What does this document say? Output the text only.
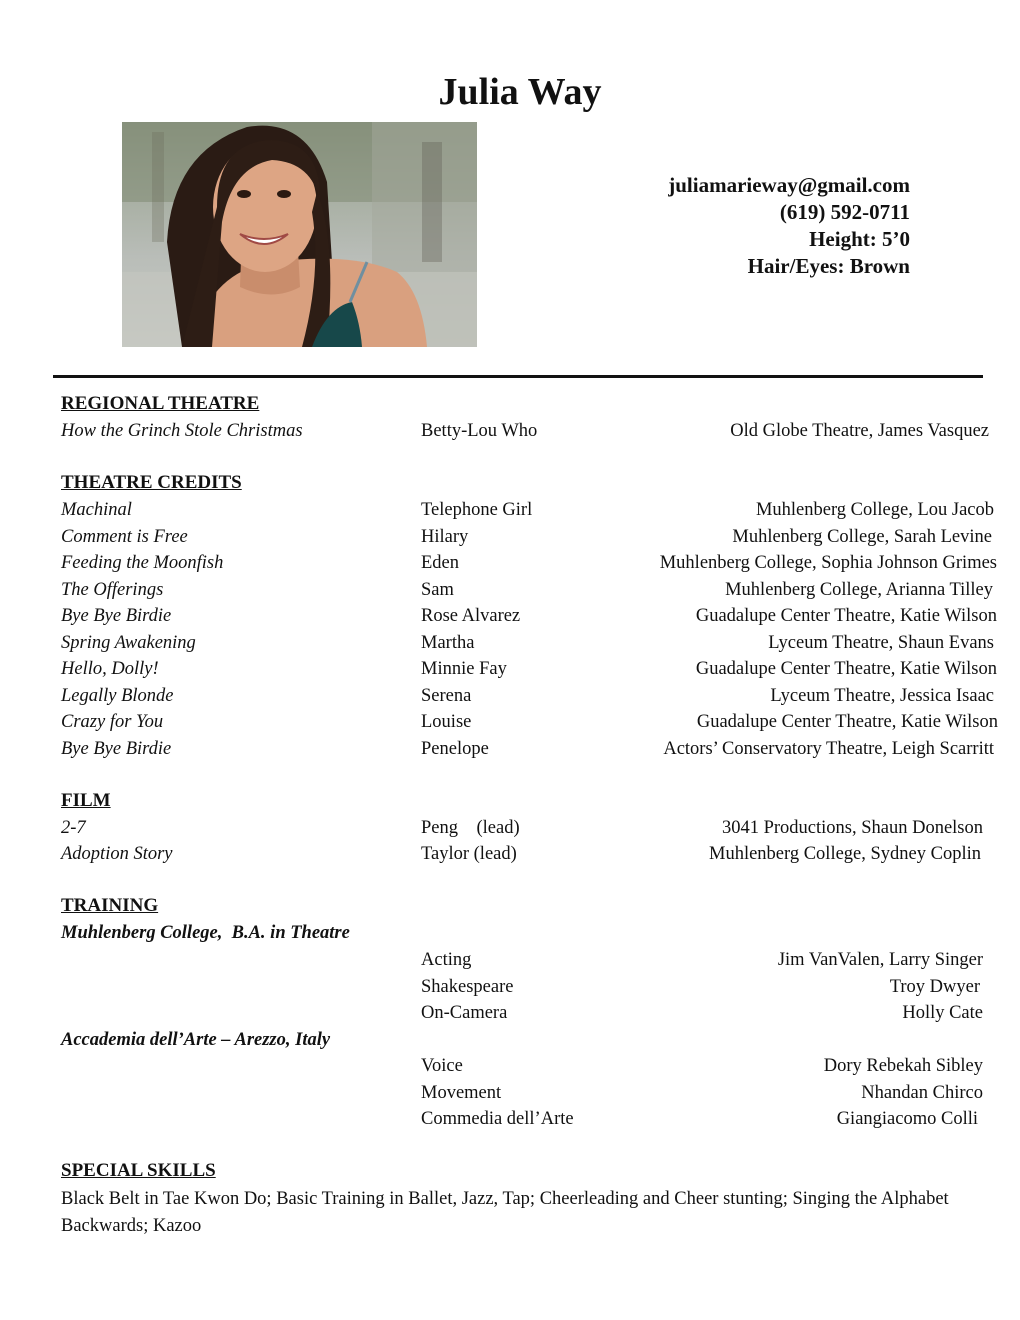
Julia Way
juliamarieway@gmail.com
(619) 592-0711
Height: 5’0
Hair/Eyes: Brown
REGIONAL THEATRE
How the Grinch Stole Christmas	Betty-Lou Who	Old Globe Theatre, James Vasquez
THEATRE CREDITS
Machinal	Telephone Girl	Muhlenberg College, Lou Jacob
Comment is Free	Hilary	Muhlenberg College, Sarah Levine
Feeding the Moonfish	Eden	Muhlenberg College, Sophia Johnson Grimes
The Offerings	Sam	Muhlenberg College, Arianna Tilley
Bye Bye Birdie	Rose Alvarez	Guadalupe Center Theatre, Katie Wilson
Spring Awakening	Martha	Lyceum Theatre, Shaun Evans
Hello, Dolly!	Minnie Fay	Guadalupe Center Theatre, Katie Wilson
Legally Blonde	Serena	Lyceum Theatre, Jessica Isaac
Crazy for You	Louise	Guadalupe Center Theatre, Katie Wilson
Bye Bye Birdie	Penelope	Actors’ Conservatory Theatre, Leigh Scarritt
FILM
2-7	Peng    (lead)	3041 Productions, Shaun Donelson
Adoption Story	Taylor (lead)	Muhlenberg College, Sydney Coplin
TRAINING
Muhlenberg College,  B.A. in Theatre
Acting	Jim VanValen, Larry Singer
Shakespeare	Troy Dwyer
On-Camera	Holly Cate
Accademia dell’Arte – Arezzo, Italy
Voice	Dory Rebekah Sibley
Movement	Nhandan Chirco
Commedia dell’Arte	Giangiacomo Colli
SPECIAL SKILLS
Black Belt in Tae Kwon Do; Basic Training in Ballet, Jazz, Tap; Cheerleading and Cheer stunting; Singing the Alphabet Backwards; Kazoo
